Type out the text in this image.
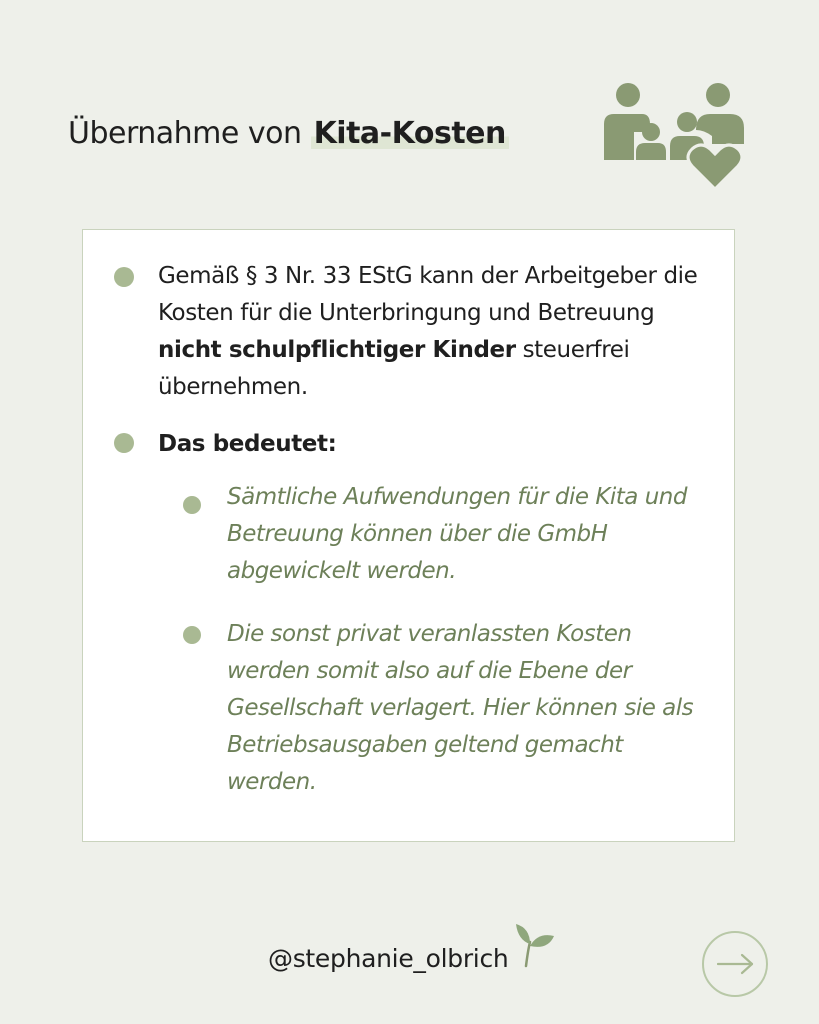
Übernahme von Kita-Kosten
Gemäß § 3 Nr. 33 EStG kann der Arbeitgeber die Kosten für die Unterbringung und Betreuung nicht schulpflichtiger Kinder steuerfrei übernehmen.
Das bedeutet:
Sämtliche Aufwendungen für die Kita und Betreuung können über die GmbH abgewickelt werden.
Die sonst privat veranlassten Kosten werden somit also auf die Ebene der Gesellschaft verlagert. Hier können sie als Betriebsausgaben geltend gemacht werden.
@stephanie_olbrich
